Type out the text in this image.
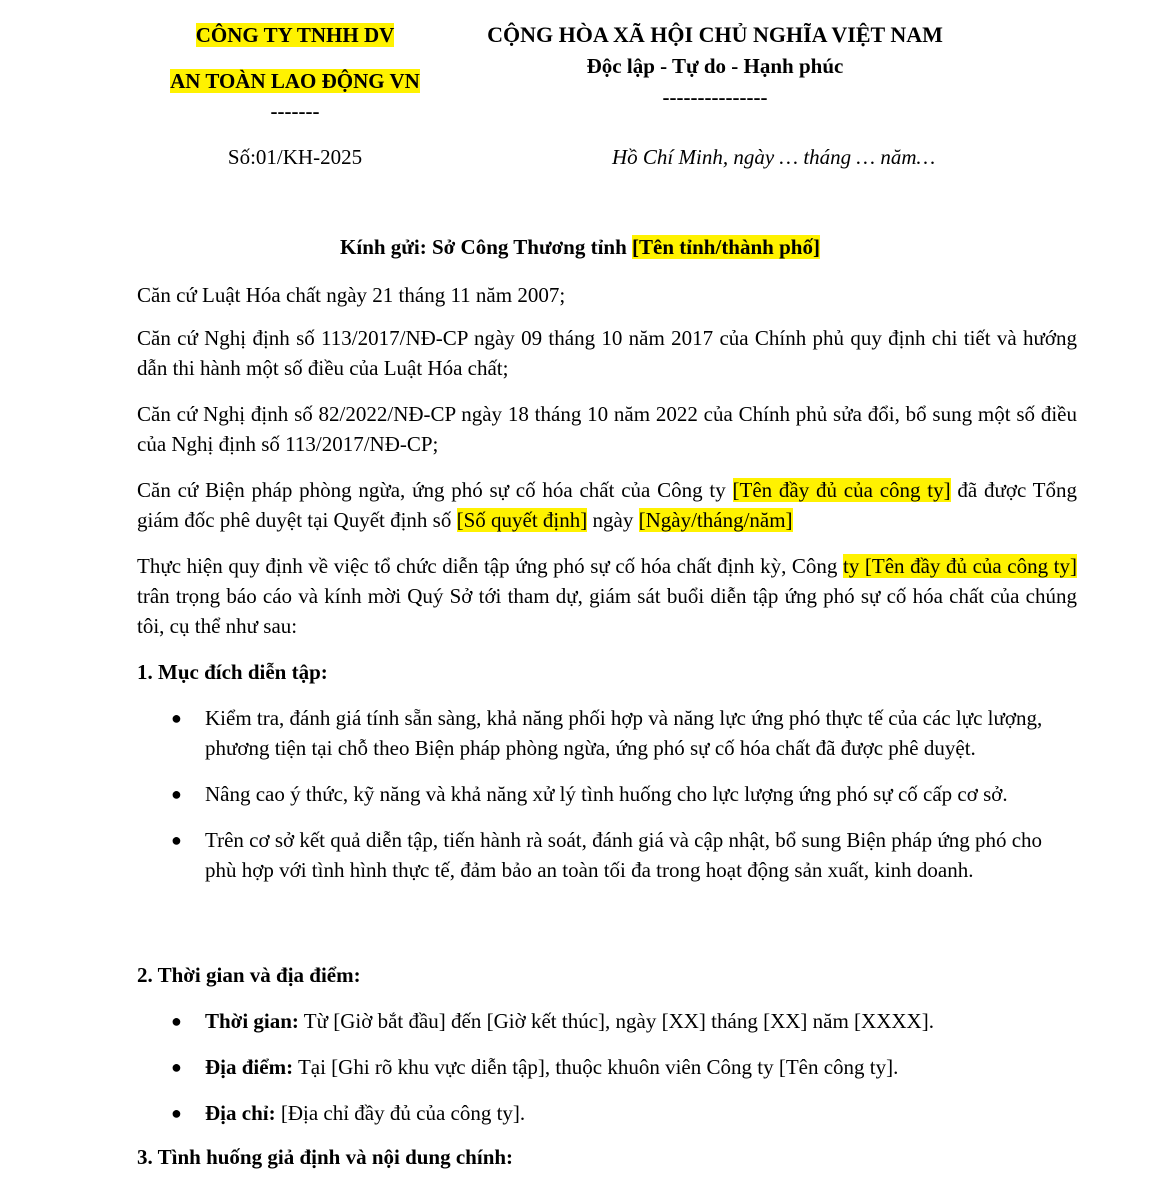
CÔNG TY TNHH DV
AN TOÀN LAO ĐỘNG VN
-------
Số:01/KH-2025
CỘNG HÒA XÃ HỘI CHỦ NGHĨA VIỆT NAM
Độc lập - Tự do - Hạnh phúc
---------------
Hồ Chí Minh, ngày … tháng … năm…
Kính gửi: Sở Công Thương tỉnh [Tên tỉnh/thành phố]

Căn cứ Luật Hóa chất ngày 21 tháng 11 năm 2007;

Căn cứ Nghị định số 113/2017/NĐ-CP ngày 09 tháng 10 năm 2017 của Chính phủ quy định chi tiết và hướng dẫn thi hành một số điều của Luật Hóa chất;

Căn cứ Nghị định số 82/2022/NĐ-CP ngày 18 tháng 10 năm 2022 của Chính phủ sửa đổi, bổ sung một số điều của Nghị định số 113/2017/NĐ-CP;

Căn cứ Biện pháp phòng ngừa, ứng phó sự cố hóa chất của Công ty [Tên đầy đủ của công ty] đã được Tổng giám đốc phê duyệt tại Quyết định số [Số quyết định] ngày [Ngày/tháng/năm]

Thực hiện quy định về việc tổ chức diễn tập ứng phó sự cố hóa chất định kỳ, Công ty [Tên đầy đủ của công ty] trân trọng báo cáo và kính mời Quý Sở tới tham dự, giám sát buổi diễn tập ứng phó sự cố hóa chất của chúng tôi, cụ thể như sau:

1. Mục đích diễn tập:
● Kiểm tra, đánh giá tính sẵn sàng, khả năng phối hợp và năng lực ứng phó thực tế của các lực lượng, phương tiện tại chỗ theo Biện pháp phòng ngừa, ứng phó sự cố hóa chất đã được phê duyệt.
● Nâng cao ý thức, kỹ năng và khả năng xử lý tình huống cho lực lượng ứng phó sự cố cấp cơ sở.
● Trên cơ sở kết quả diễn tập, tiến hành rà soát, đánh giá và cập nhật, bổ sung Biện pháp ứng phó cho phù hợp với tình hình thực tế, đảm bảo an toàn tối đa trong hoạt động sản xuất, kinh doanh.
2. Thời gian và địa điểm:
● Thời gian: Từ [Giờ bắt đầu] đến [Giờ kết thúc], ngày [XX] tháng [XX] năm [XXXX].
● Địa điểm: Tại [Ghi rõ khu vực diễn tập], thuộc khuôn viên Công ty [Tên công ty].
● Địa chỉ: [Địa chỉ đầy đủ của công ty].
3. Tình huống giả định và nội dung chính:
